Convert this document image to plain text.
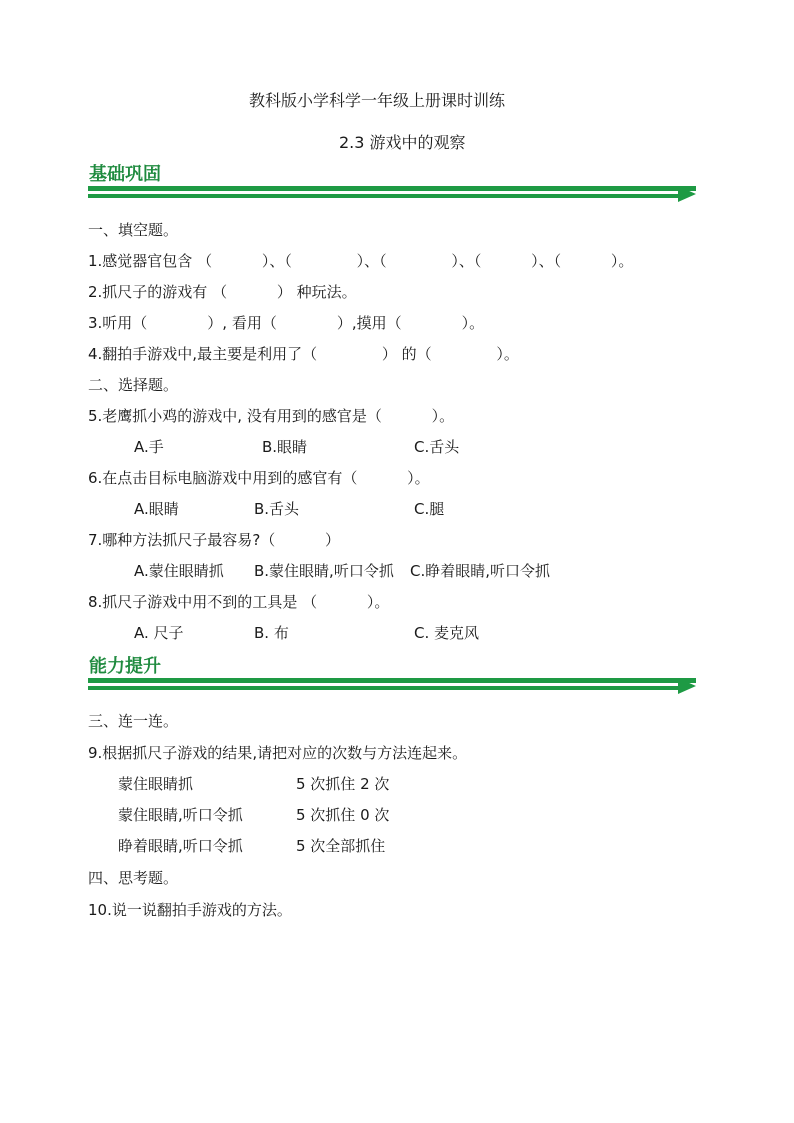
教科版小学科学一年级上册课时训练
2.3 游戏中的观察
基础巩固
一、填空题。
1.感觉器官包含 （　　　 ）、（　　　　 ）、（　　　　 ）、（　　　 ）、（　　　 ）。
2.抓尺子的游戏有 （　　　 ） 种玩法。
3.听用（　　　　）, 看用（　　　　）,摸用（　　　　）。
4.翻拍手游戏中,最主要是利用了（　　　　 ） 的（　　　　 ）。
二、选择题。
5.老鹰抓小鸡的游戏中, 没有用到的感官是（　　　 ）。
A.手	B.眼睛	C.舌头
6.在点击目标电脑游戏中用到的感官有（　　　 ）。
A.眼睛	B.舌头	C.腿
7.哪种方法抓尺子最容易?（　　　 ）
A.蒙住眼睛抓 B.蒙住眼睛,听口令抓 C.睁着眼睛,听口令抓
8.抓尺子游戏中用不到的工具是 （　　　 ）。
A. 尺子	B. 布	C. 麦克风
能力提升
三、连一连。
9.根据抓尺子游戏的结果,请把对应的次数与方法连起来。
蒙住眼睛抓	5 次抓住 2 次
蒙住眼睛,听口令抓	5 次抓住 0 次
睁着眼睛,听口令抓	5 次全部抓住
四、思考题。
10.说一说翻拍手游戏的方法。
